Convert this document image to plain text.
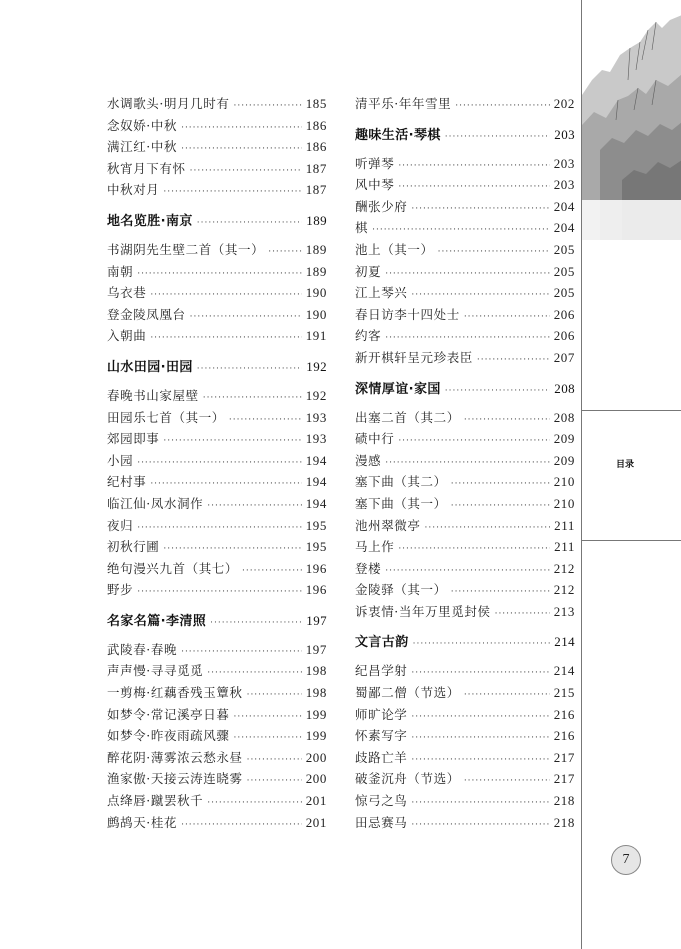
水调歌头·明月几时有 ·····	185
念奴娇·中秋 ·····	186
满江红·中秋 ·····	186
秋宵月下有怀 ·····	187
中秋对月 ·····	187
地名览胜·南京 ·····	189
书湖阴先生壁二首（其一） ·····	189
南朝 ·····	189
乌衣巷 ·····	190
登金陵凤凰台 ·····	190
入朝曲 ·····	191
山水田园·田园 ·····	192
春晚书山家屋壁 ·····	192
田园乐七首（其一） ·····	193
郊园即事 ·····	193
小园 ·····	194
纪村事 ·····	194
临江仙·凤水洞作 ·····	194
夜归 ·····	195
初秋行圃 ·····	195
绝句漫兴九首（其七） ·····	196
野步 ·····	196
名家名篇·李清照 ·····	197
武陵春·春晚 ·····	197
声声慢·寻寻觅觅 ·····	198
一剪梅·红藕香残玉簟秋 ·····	198
如梦令·常记溪亭日暮 ·····	199
如梦令·昨夜雨疏风骤 ·····	199
醉花阴·薄雾浓云愁永昼 ·····	200
渔家傲·天接云涛连晓雾 ·····	200
点绛唇·蹴罢秋千 ·····	201
鹧鸪天·桂花 ·····	201
清平乐·年年雪里 ·····	202
趣味生活·琴棋 ·····	203
听弹琴 ·····	203
风中琴 ·····	203
酬张少府 ·····	204
棋 ·····	204
池上（其一） ·····	205
初夏 ·····	205
江上琴兴 ·····	205
春日访李十四处士 ·····	206
约客 ·····	206
新开棋轩呈元珍表臣 ·····	207
深情厚谊·家国 ·····	208
出塞二首（其二） ·····	208
碛中行 ·····	209
漫感 ·····	209
塞下曲（其二） ·····	210
塞下曲（其一） ·····	210
池州翠微亭 ·····	211
马上作 ·····	211
登楼 ·····	212
金陵驿（其一） ·····	212
诉衷情·当年万里觅封侯 ·····	213
文言古韵 ·····	214
纪昌学射 ·····	214
蜀鄙二僧（节选） ·····	215
师旷论学 ·····	216
怀素写字 ·····	216
歧路亡羊 ·····	217
破釜沉舟（节选） ·····	217
惊弓之鸟 ·····	218
田忌赛马 ·····	218
目录
7
